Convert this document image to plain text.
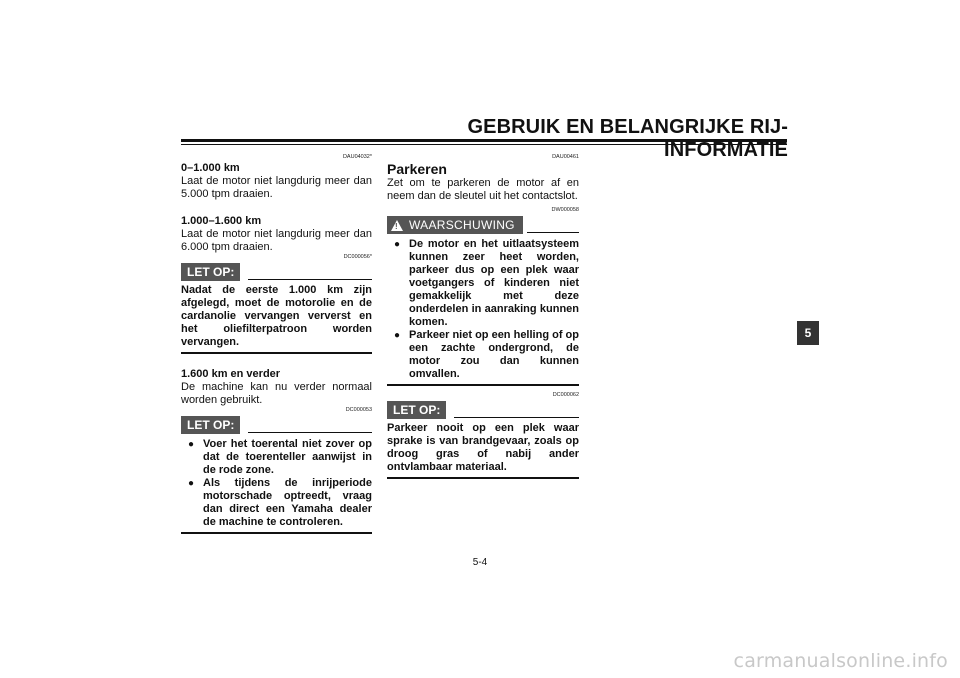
GEBRUIK EN BELANGRIJKE RIJ-INFORMATIE
DAU04032*
0–1.000 km
Laat de motor niet langdurig meer dan 5.000 tpm draaien.
1.000–1.600 km
Laat de motor niet langdurig meer dan 6.000 tpm draaien.
DC000056*
LET OP:
Nadat de eerste 1.000 km zijn afgelegd, moet de motorolie en de cardanolie vervangen ververst en het oliefilterpatroon worden vervangen.
1.600 km en verder
De machine kan nu verder normaal worden gebruikt.
DC000053
LET OP:
● Voer het toerental niet zover op dat de toerenteller aanwijst in de rode zone.
● Als tijdens de inrijperiode motorschade optreedt, vraag dan direct een Yamaha dealer de machine te controleren.
DAU00461
Parkeren
Zet om te parkeren de motor af en neem dan de sleutel uit het contactslot.
DW000058
! WAARSCHUWING
● De motor en het uitlaatsysteem kunnen zeer heet worden, parkeer dus op een plek waar voetgangers of kinderen niet gemakkelijk met deze onderdelen in aanraking kunnen komen.
● Parkeer niet op een helling of op een zachte ondergrond, de motor zou dan kunnen omvallen.
DC000062
LET OP:
Parkeer nooit op een plek waar sprake is van brandgevaar, zoals op droog gras of nabij ander ontvlambaar materiaal.
5
5-4
carmanualsonline.info
